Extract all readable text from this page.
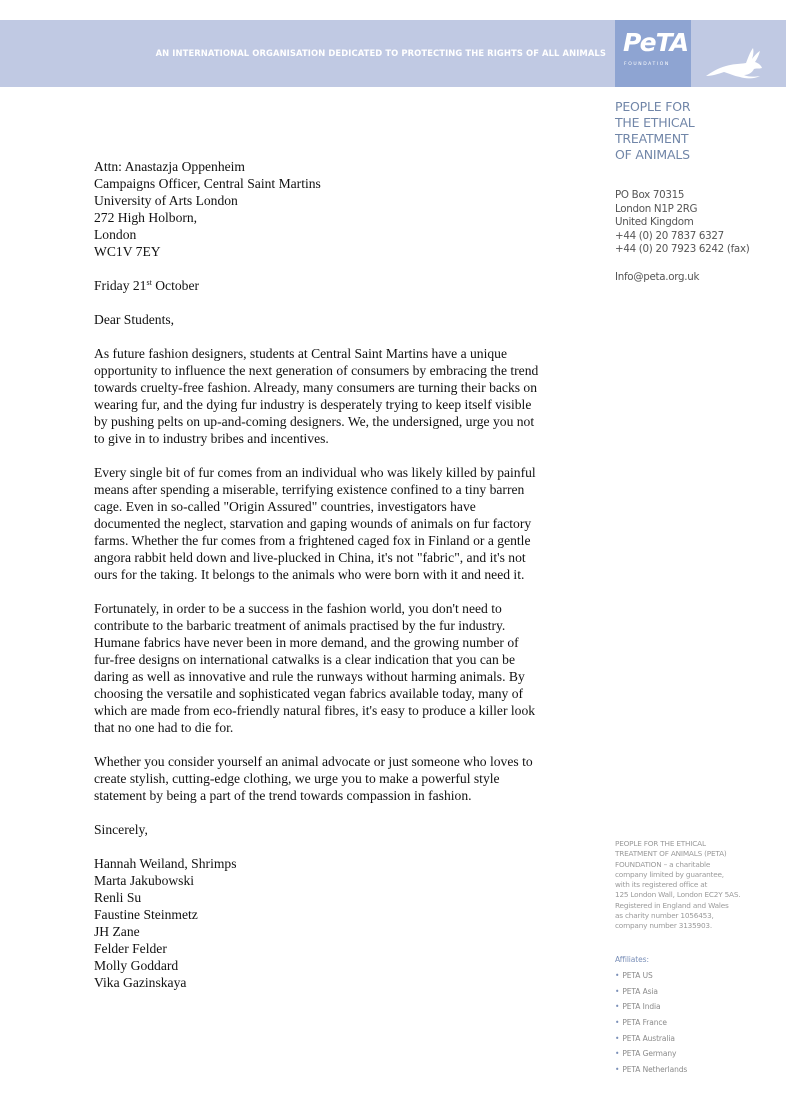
AN INTERNATIONAL ORGANISATION DEDICATED TO PROTECTING THE RIGHTS OF ALL ANIMALS PeTA
FOUNDATION
PEOPLE FOR
THE ETHICAL
TREATMENT
OF ANIMALS
PO Box 70315
London N1P 2RG
United Kingdom
+44 (0) 20 7837 6327
+44 (0) 20 7923 6242 (fax)
Info@peta.org.uk
PEOPLE FOR THE ETHICAL
TREATMENT OF ANIMALS (PETA)
FOUNDATION – a charitable
company limited by guarantee,
with its registered office at
125 London Wall, London EC2Y 5AS.
Registered in England and Wales
as charity number 1056453,
company number 3135903.
Affiliates:
• PETA US
• PETA Asia
• PETA India
• PETA France
• PETA Australia
• PETA Germany
• PETA Netherlands
Attn: Anastazja Oppenheim
Campaigns Officer, Central Saint Martins
University of Arts London
272 High Holborn,
London
WC1V 7EY
Friday 21st October
Dear Students,
As future fashion designers, students at Central Saint Martins have a unique
opportunity to influence the next generation of consumers by embracing the trend
towards cruelty-free fashion. Already, many consumers are turning their backs on
wearing fur, and the dying fur industry is desperately trying to keep itself visible
by pushing pelts on up-and-coming designers. We, the undersigned, urge you not
to give in to industry bribes and incentives.
Every single bit of fur comes from an individual who was likely killed by painful
means after spending a miserable, terrifying existence confined to a tiny barren
cage. Even in so-called "Origin Assured" countries, investigators have
documented the neglect, starvation and gaping wounds of animals on fur factory
farms. Whether the fur comes from a frightened caged fox in Finland or a gentle
angora rabbit held down and live-plucked in China, it's not "fabric", and it's not
ours for the taking. It belongs to the animals who were born with it and need it.
Fortunately, in order to be a success in the fashion world, you don't need to
contribute to the barbaric treatment of animals practised by the fur industry.
Humane fabrics have never been in more demand, and the growing number of
fur-free designs on international catwalks is a clear indication that you can be
daring as well as innovative and rule the runways without harming animals. By
choosing the versatile and sophisticated vegan fabrics available today, many of
which are made from eco-friendly natural fibres, it's easy to produce a killer look
that no one had to die for.
Whether you consider yourself an animal advocate or just someone who loves to
create stylish, cutting-edge clothing, we urge you to make a powerful style
statement by being a part of the trend towards compassion in fashion.
Sincerely,
Hannah Weiland, Shrimps
Marta Jakubowski
Renli Su
Faustine Steinmetz
JH Zane
Felder Felder
Molly Goddard
Vika Gazinskaya
